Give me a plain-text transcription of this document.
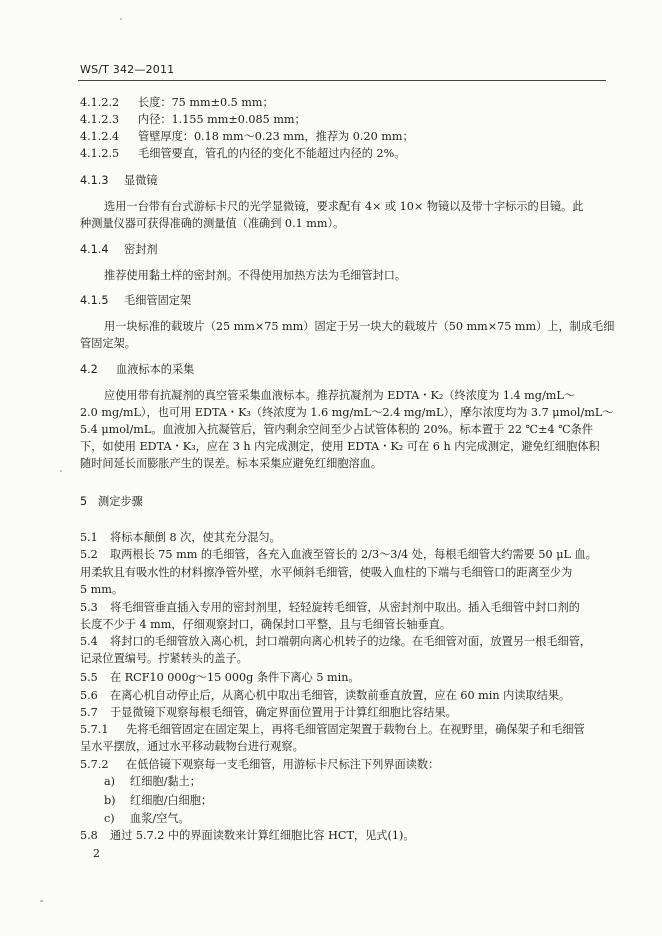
WS/T 342—2011
4.1.2.2 长度：75 mm±0.5 mm；
4.1.2.3 内径：1.155 mm±0.085 mm；
4.1.2.4 管壁厚度：0.18 mm～0.23 mm，推荐为 0.20 mm；
4.1.2.5 毛细管要直，管孔的内径的变化不能超过内径的 2%。
4.1.3 显微镜
选用一台带有台式游标卡尺的光学显微镜，要求配有 4× 或 10× 物镜以及带十字标示的目镜。此
种测量仪器可获得准确的测量值（准确到 0.1 mm）。
4.1.4 密封剂
推荐使用黏土样的密封剂。不得使用加热方法为毛细管封口。
4.1.5 毛细管固定架
用一块标准的载玻片（25 mm×75 mm）固定于另一块大的载玻片（50 mm×75 mm）上，制成毛细
管固定架。
4.2 血液标本的采集
应使用带有抗凝剂的真空管采集血液标本。推荐抗凝剂为 EDTA・K₂（终浓度为 1.4 mg/mL～
2.0 mg/mL），也可用 EDTA・K₃（终浓度为 1.6 mg/mL～2.4 mg/mL），摩尔浓度均为 3.7 μmol/mL～
5.4 μmol/mL。血液加入抗凝管后，管内剩余空间至少占试管体积的 20%。标本置于 22 ℃±4 ℃条件
下，如使用 EDTA・K₃，应在 3 h 内完成测定，使用 EDTA・K₂ 可在 6 h 内完成测定，避免红细胞体积
随时间延长而膨胀产生的误差。标本采集应避免红细胞溶血。
5 测定步骤
5.1 将标本颠倒 8 次，使其充分混匀。
5.2 取两根长 75 mm 的毛细管，各充入血液至管长的 2/3～3/4 处，每根毛细管大约需要 50 μL 血。
用柔软且有吸水性的材料擦净管外壁，水平倾斜毛细管，使吸入血柱的下端与毛细管口的距离至少为
5 mm。
5.3 将毛细管垂直插入专用的密封剂里，轻轻旋转毛细管，从密封剂中取出。插入毛细管中封口剂的
长度不少于 4 mm，仔细观察封口，确保封口平整，且与毛细管长轴垂直。
5.4 将封口的毛细管放入离心机，封口端朝向离心机转子的边缘。在毛细管对面，放置另一根毛细管，
记录位置编号。拧紧转头的盖子。
5.5 在 RCF10 000g～15 000g 条件下离心 5 min。
5.6 在离心机自动停止后，从离心机中取出毛细管，读数前垂直放置，应在 60 min 内读取结果。
5.7 于显微镜下观察每根毛细管，确定界面位置用于计算红细胞比容结果。
5.7.1 先将毛细管固定在固定架上，再将毛细管固定架置于载物台上。在视野里，确保架子和毛细管
呈水平摆放，通过水平移动载物台进行观察。
5.7.2 在低倍镜下观察每一支毛细管，用游标卡尺标注下列界面读数：
a) 红细胞/黏土；
b) 红细胞/白细胞；
c) 血浆/空气。
5.8 通过 5.7.2 中的界面读数来计算红细胞比容 HCT，见式(1)。
2
